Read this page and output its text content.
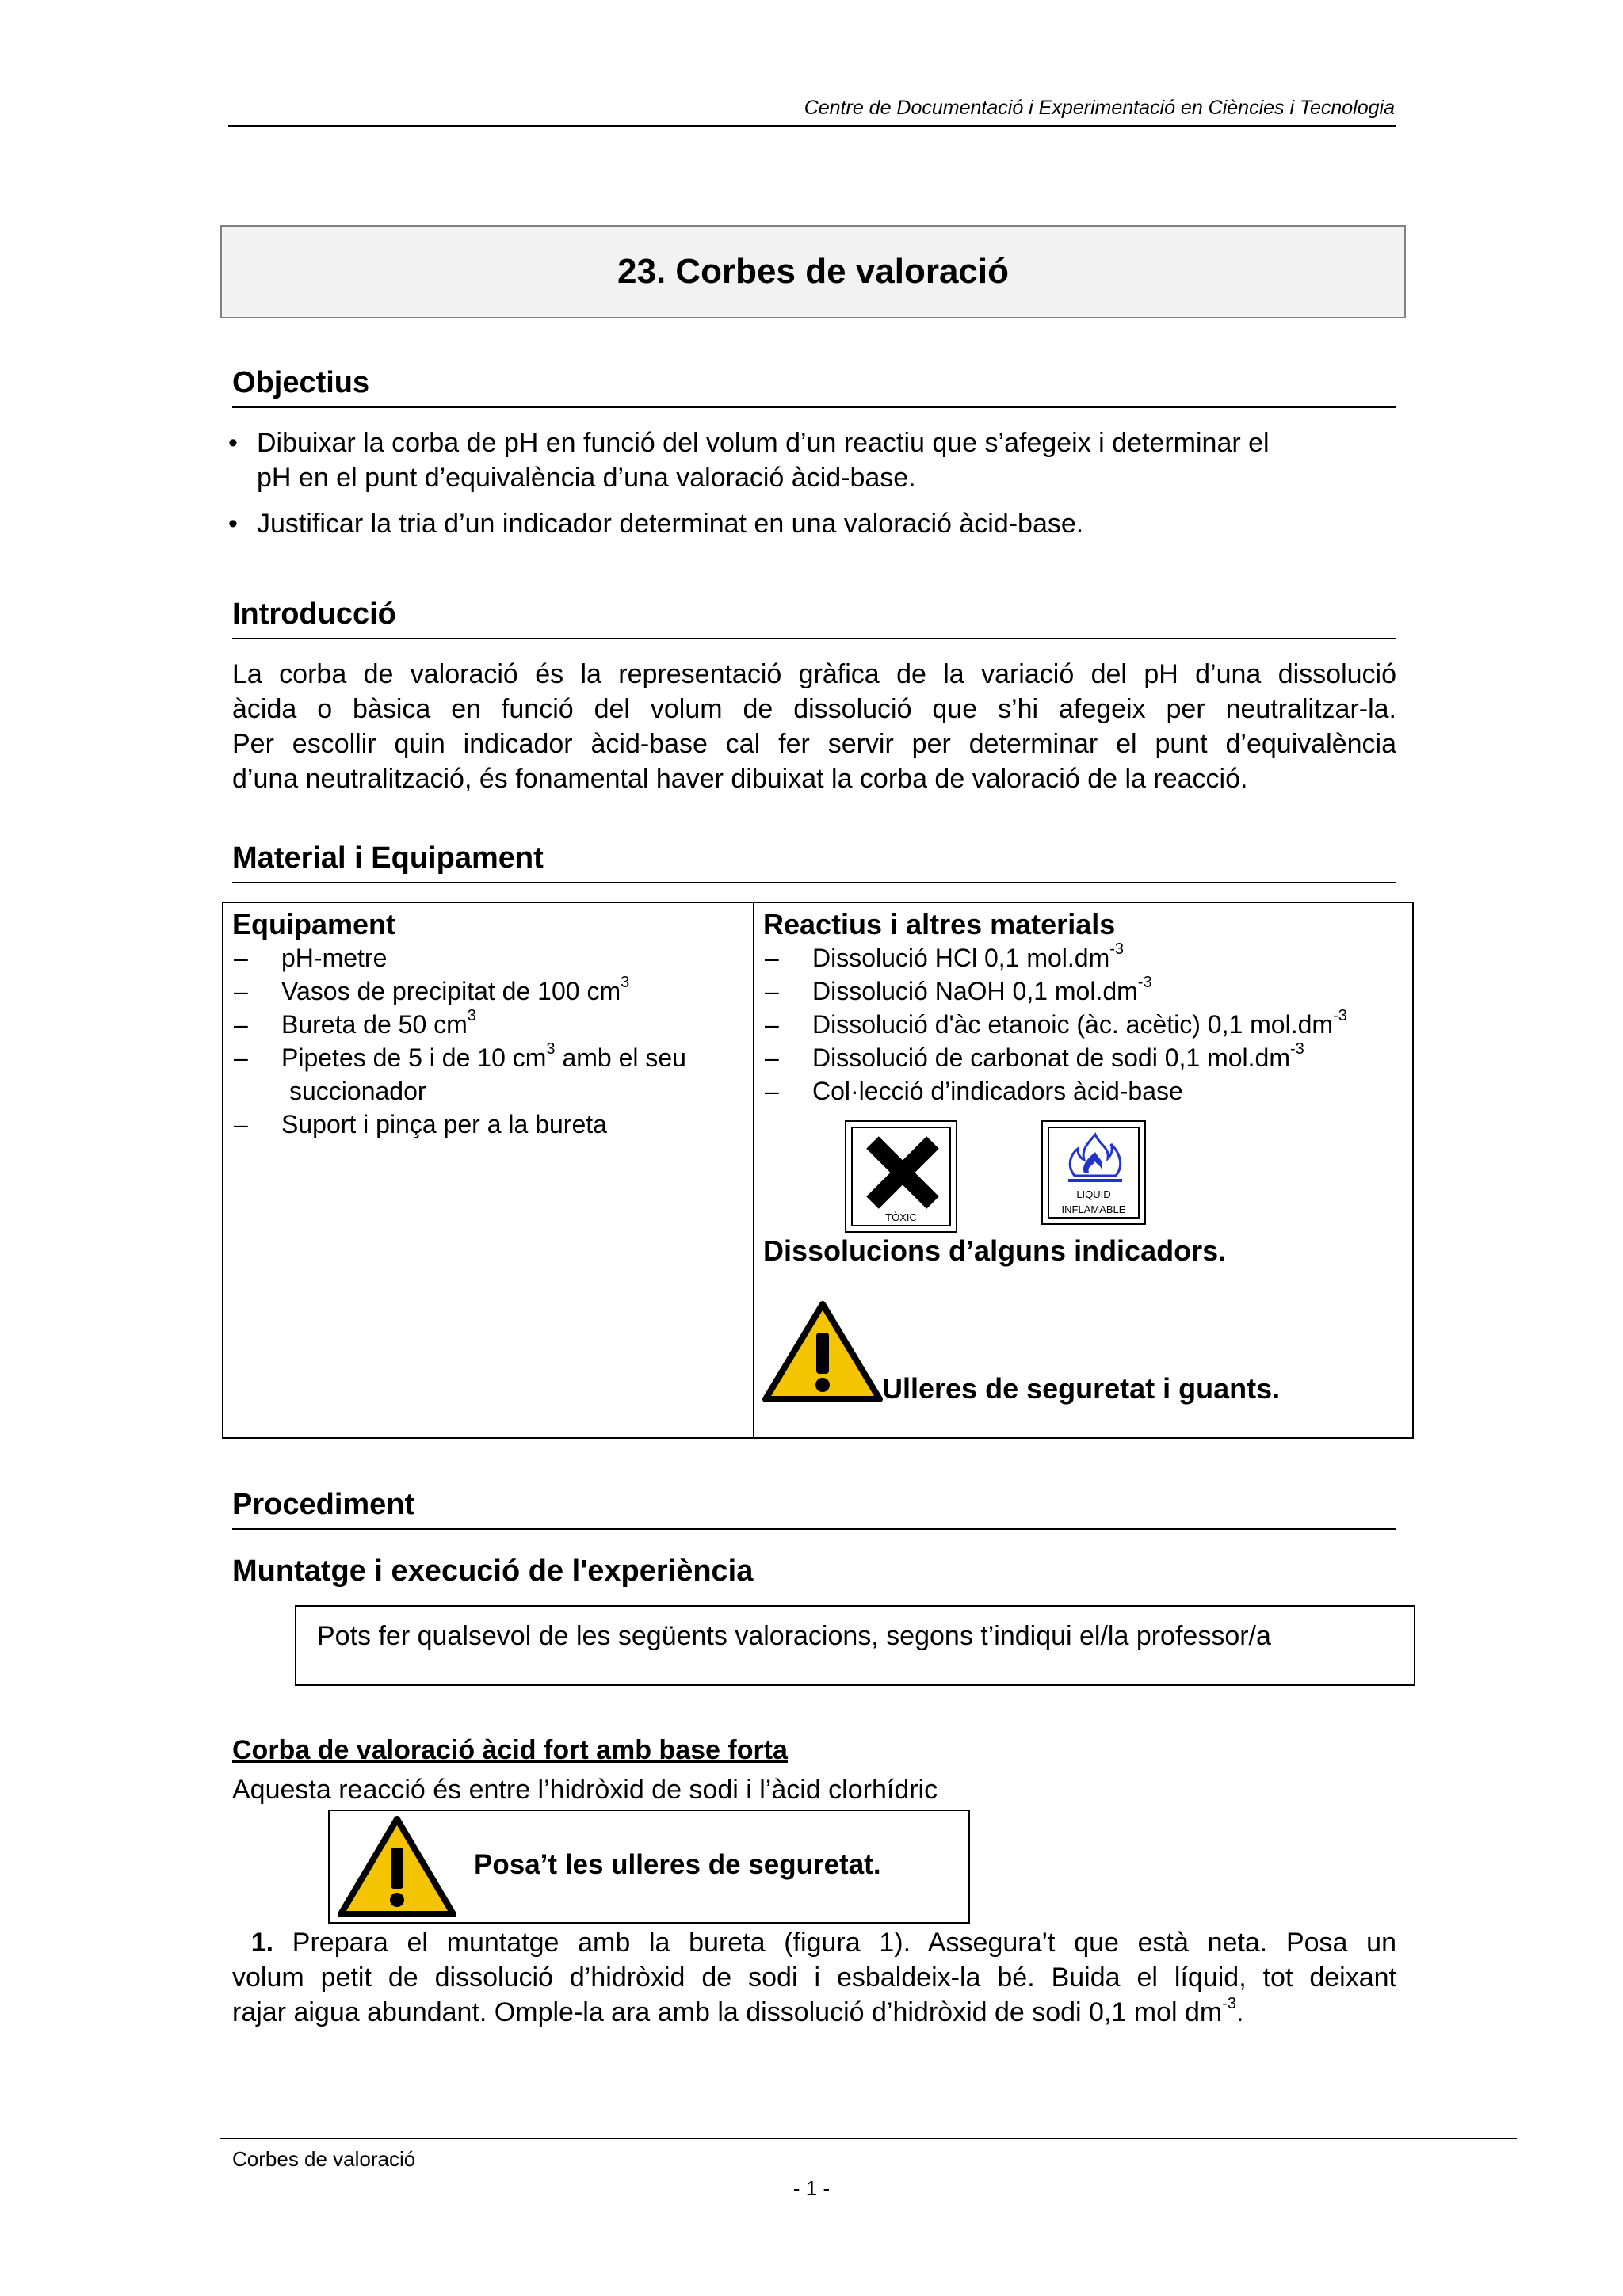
Centre de Documentació i Experimentació en Ciències i Tecnologia
23. Corbes de valoració
Objectius
• Dibuixar la corba de pH en funció del volum d’un reactiu que s’afegeix i determinar el
pH en el punt d’equivalència d’una valoració àcid-base.
• Justificar la tria d’un indicador determinat en una valoració àcid-base.
Introducció
La corba de valoració és la representació gràfica de la variació del pH d’una dissolució
àcida o bàsica en funció del volum de dissolució que s’hi afegeix per neutralitzar-la.
Per escollir quin indicador àcid-base cal fer servir per determinar el punt d’equivalència
d’una neutralització, és fonamental haver dibuixat la corba de valoració de la reacció.
Material i Equipament
Equipament
– pH-metre
– Vasos de precipitat de 100 $cm^3$
– Bureta de 50 $cm^3$
– Pipetes de 5 i de 10 $cm^3$ amb el seu
succionador
– Suport i pinça per a la bureta
Reactius i altres materials
– Dissolució HCl 0,1 $mol.dm^{-3}$
– Dissolució NaOH 0,1 $mol.dm^{-3}$
– Dissolució d'àc etanoic (àc. acètic) 0,1 $mol.dm^{-3}$
– Dissolució de carbonat de sodi 0,1 $mol.dm^{-3}$
– Col·lecció d’indicadors àcid-base
TÒXIC
LIQUID
INFLAMABLE
Dissolucions d’alguns indicadors.
Ulleres de seguretat i guants.
Procediment
Muntatge i execució de l'experiència
Pots fer qualsevol de les següents valoracions, segons t’indiqui el/la professor/a
Corba de valoració àcid fort amb base forta
Aquesta reacció és entre l’hidròxid de sodi i l’àcid clorhídric
Posa’t les ulleres de seguretat.
1. Prepara el muntatge amb la bureta (figura 1). Assegura’t que està neta. Posa un
volum petit de dissolució d’hidròxid de sodi i esbaldeix-la bé. Buida el líquid, tot deixant
rajar aigua abundant. Omple-la ara amb la dissolució d’hidròxid de sodi 0,1 mol $dm^{-3}$.
Corbes de valoració
- 1 -
